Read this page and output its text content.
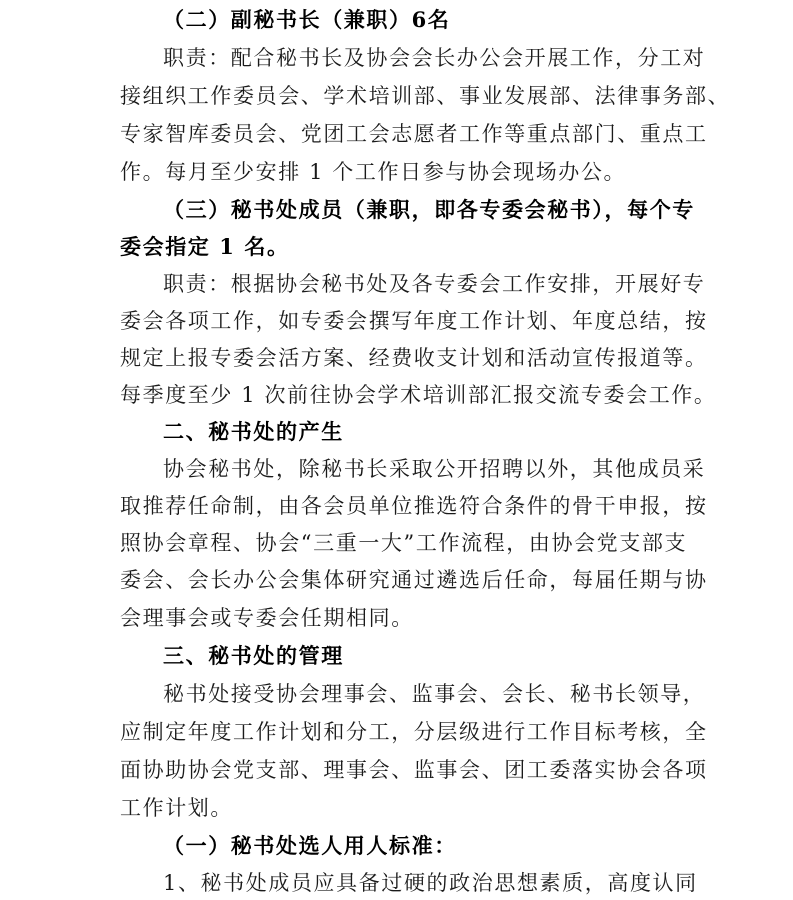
（二）副秘书长（兼职）6名
职责：配合秘书长及协会会长办公会开展工作，分工对
接组织工作委员会、学术培训部、事业发展部、法律事务部、
专家智库委员会、党团工会志愿者工作等重点部门、重点工
作。每月至少安排 1 个工作日参与协会现场办公。
（三）秘书处成员（兼职，即各专委会秘书），每个专
委会指定 1 名。
职责：根据协会秘书处及各专委会工作安排，开展好专
委会各项工作，如专委会撰写年度工作计划、年度总结，按
规定上报专委会活方案、经费收支计划和活动宣传报道等。
每季度至少 1 次前往协会学术培训部汇报交流专委会工作。
二、秘书处的产生
协会秘书处，除秘书长采取公开招聘以外，其他成员采
取推荐任命制，由各会员单位推选符合条件的骨干申报，按
照协会章程、协会“三重一大”工作流程，由协会党支部支
委会、会长办公会集体研究通过遴选后任命，每届任期与协
会理事会或专委会任期相同。
三、秘书处的管理
秘书处接受协会理事会、监事会、会长、秘书长领导，
应制定年度工作计划和分工，分层级进行工作目标考核，全
面协助协会党支部、理事会、监事会、团工委落实协会各项
工作计划。
（一）秘书处选人用人标准：
1、秘书处成员应具备过硬的政治思想素质，高度认同
